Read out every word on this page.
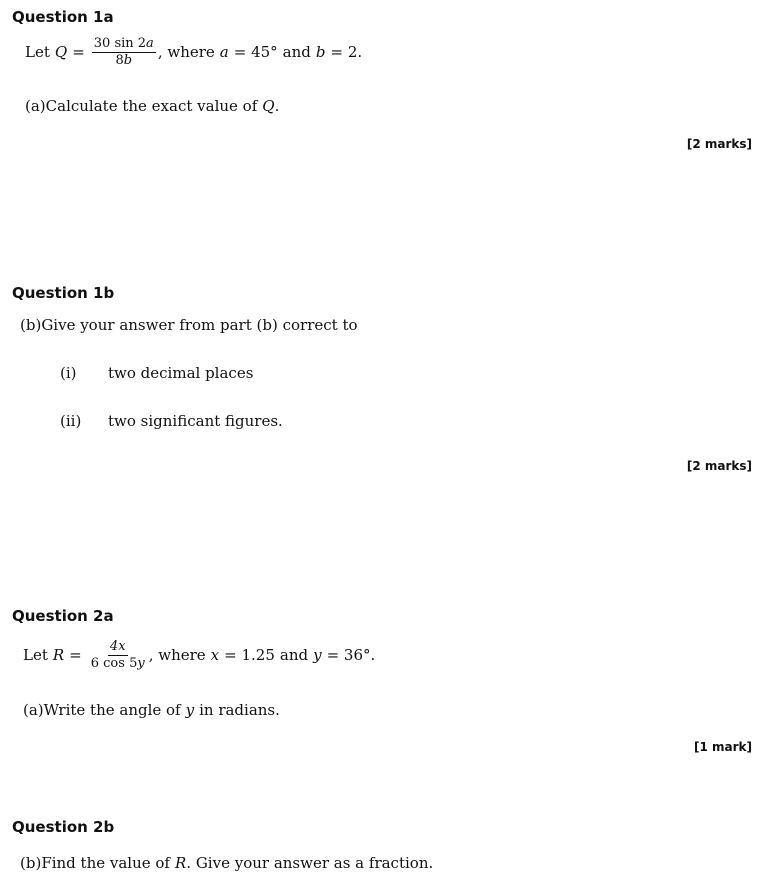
Question 1a
Let $Q = \frac{30 \sin 2a}{8b}$ , where a = 45° and b = 2.
(a) Calculate the exact value of Q .
[2 marks]
Question 1b
(b) Give your answer from part (b) correct to
(i)	two decimal places
(ii)	two significant figures.
[2 marks]
Question 2a
Let $R = \frac{4x}{6 \cos 5y}$ , where x = 1.25 and y = 36°.
(a) Write the angle of y in radians.
[1 mark]
Question 2b
(b) Find the value of R . Give your answer as a fraction.
